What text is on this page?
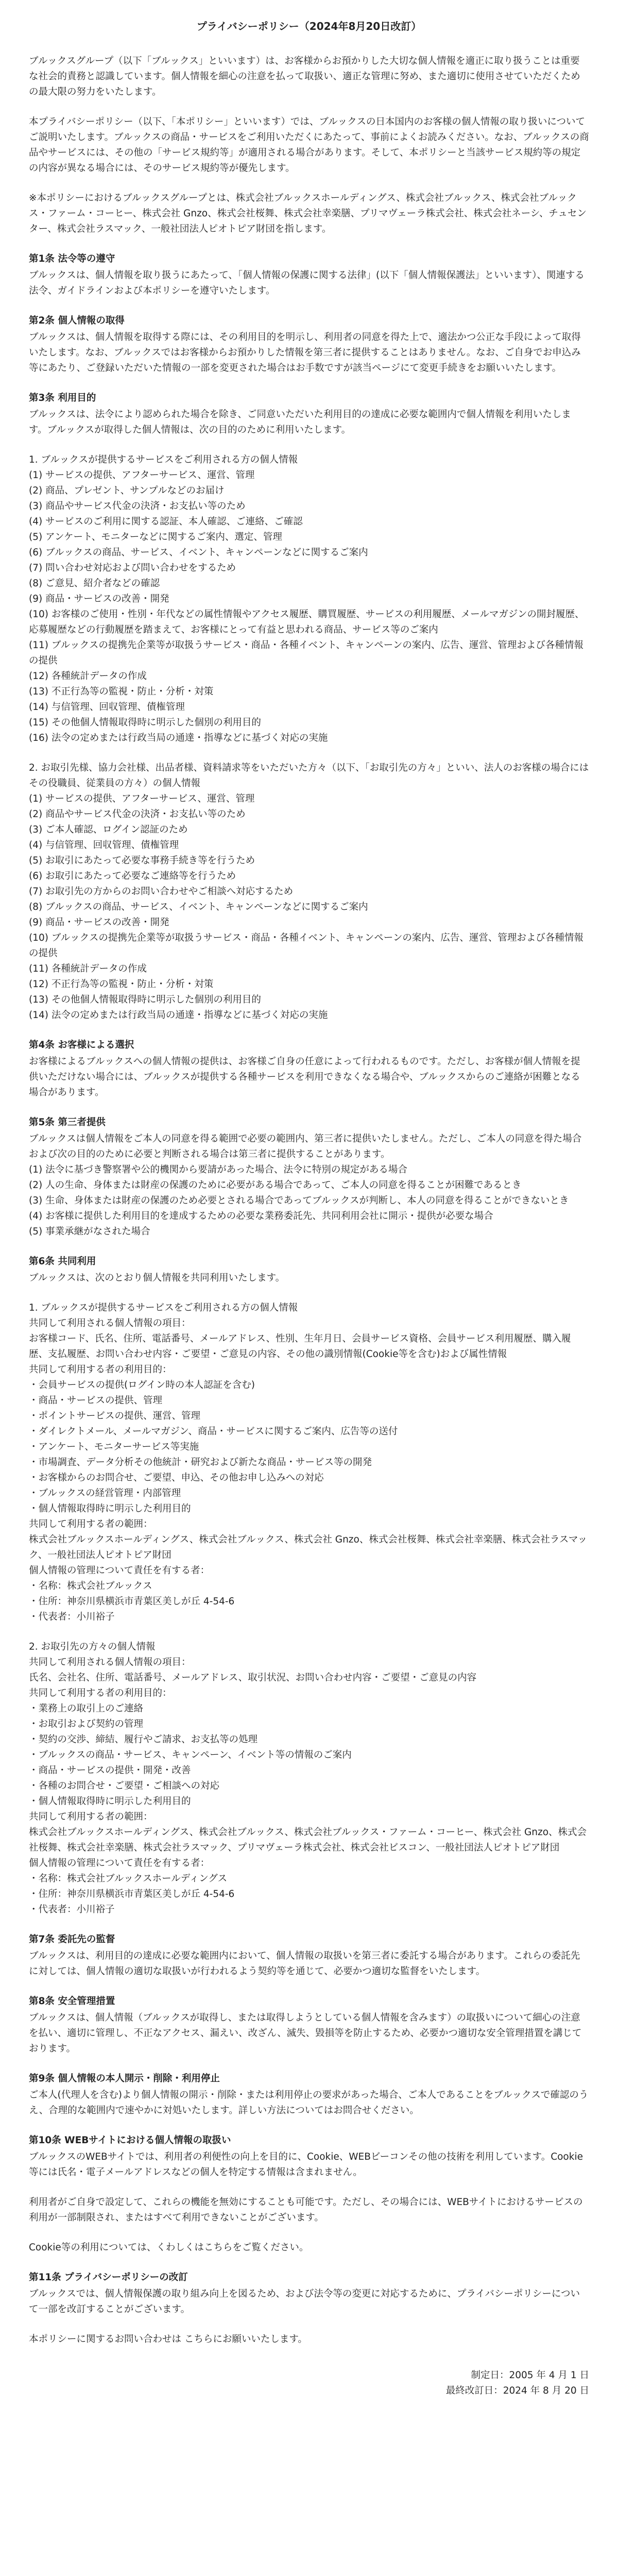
プライバシーポリシー（2024年8月20日改訂）

ブルックスグループ（以下「ブルックス」といいます）は、お客様からお預かりした大切な個人情報を適正に取り扱うことは重要な社会的責務と認識しています。個人情報を細心の注意を払って取扱い、適正な管理に努め、また適切に使用させていただくための最大限の努力をいたします。

本プライバシーポリシー（以下、「本ポリシー」といいます）では、ブルックスの日本国内のお客様の個人情報の取り扱いについてご説明いたします。ブルックスの商品・サービスをご利用いただくにあたって、事前によくお読みください。なお、ブルックスの商品やサービスには、その他の「サービス規約等」が適用される場合があります。そして、本ポリシーと当該サービス規約等の規定の内容が異なる場合には、そのサービス規約等が優先します。

※本ポリシーにおけるブルックスグループとは、株式会社ブルックスホールディングス、株式会社ブルックス、株式会社ブルックス・ファーム・コーヒー、株式会社 Gnzo、株式会社桜舞、株式会社幸楽膳、プリマヴェーラ株式会社、株式会社ネーシ、チュセンター、株式会社ラスマック、一般社団法人ピオトピア財団を指します。

第1条 法令等の遵守

ブルックスは、個人情報を取り扱うにあたって、「個人情報の保護に関する法律」(以下「個人情報保護法」といいます）、関連する法令、ガイドラインおよび本ポリシーを遵守いたします。

第2条 個人情報の取得

ブルックスは、個人情報を取得する際には、その利用目的を明示し、利用者の同意を得た上で、適法かつ公正な手段によって取得いたします。なお、ブルックスではお客様からお預かりした情報を第三者に提供することはありません。なお、ご自身でお申込み等にあたり、ご登録いただいた情報の一部を変更された場合はお手数ですが該当ページにて変更手続きをお願いいたします。

第3条 利用目的

ブルックスは、法令により認められた場合を除き、ご同意いただいた利用目的の達成に必要な範囲内で個人情報を利用いたします。ブルックスが取得した個人情報は、次の目的のために利用いたします。

1. ブルックスが提供するサービスをご利用される方の個人情報
(1) サービスの提供、アフターサービス、運営、管理
(2) 商品、プレゼント、サンプルなどのお届け
(3) 商品やサービス代金の決済・お支払い等のため
(4) サービスのご利用に関する認証、本人確認、ご連絡、ご確認
(5) アンケート、モニターなどに関するご案内、選定、管理
(6) ブルックスの商品、サービス、イベント、キャンペーンなどに関するご案内
(7) 問い合わせ対応および問い合わせをするため
(8) ご意見、紹介者などの確認
(9) 商品・サービスの改善・開発
(10) お客様のご使用・性別・年代などの属性情報やアクセス履歴、購買履歴、サービスの利用履歴、メールマガジンの開封履歴、応募履歴などの行動履歴を踏まえて、お客様にとって有益と思われる商品、サービス等のご案内
(11) ブルックスの提携先企業等が取扱うサービス・商品・各種イベント、キャンペーンの案内、広告、運営、管理および各種情報の提供
(12) 各種統計データの作成
(13) 不正行為等の監視・防止・分析・対策
(14) 与信管理、回収管理、債権管理
(15) その他個人情報取得時に明示した個別の利用目的
(16) 法令の定めまたは行政当局の通達・指導などに基づく対応の実施
2. お取引先様、協力会社様、出品者様、資料請求等をいただいた方々（以下、「お取引先の方々」といい、法人のお客様の場合にはその役職員、従業員の方々）の個人情報
(1) サービスの提供、アフターサービス、運営、管理
(2) 商品やサービス代金の決済・お支払い等のため
(3) ご本人確認、ログイン認証のため
(4) 与信管理、回収管理、債権管理
(5) お取引にあたって必要な事務手続き等を行うため
(6) お取引にあたって必要なご連絡等を行うため
(7) お取引先の方からのお問い合わせやご相談へ対応するため
(8) ブルックスの商品、サービス、イベント、キャンペーンなどに関するご案内
(9) 商品・サービスの改善・開発
(10) ブルックスの提携先企業等が取扱うサービス・商品・各種イベント、キャンペーンの案内、広告、運営、管理および各種情報の提供
(11) 各種統計データの作成
(12) 不正行為等の監視・防止・分析・対策
(13) その他個人情報取得時に明示した個別の利用目的
(14) 法令の定めまたは行政当局の通達・指導などに基づく対応の実施
第4条 お客様による選択

お客様によるブルックスへの個人情報の提供は、お客様ご自身の任意によって行われるものです。ただし、お客様が個人情報を提供いただけない場合には、ブルックスが提供する各種サービスを利用できなくなる場合や、ブルックスからのご連絡が困難となる場合があります。

第5条 第三者提供

ブルックスは個人情報をご本人の同意を得る範囲で必要の範囲内、第三者に提供いたしません。ただし、ご本人の同意を得た場合および次の目的のために必要と判断される場合は第三者に提供することがあります。

(1) 法令に基づき警察署や公的機関から要請があった場合、法令に特別の規定がある場合
(2) 人の生命、身体または財産の保護のために必要がある場合であって、ご本人の同意を得ることが困難であるとき
(3) 生命、身体または財産の保護のため必要とされる場合であってブルックスが判断し、本人の同意を得ることができないとき
(4) お客様に提供した利用目的を達成するための必要な業務委託先、共同利用会社に開示・提供が必要な場合
(5) 事業承継がなされた場合
第6条 共同利用

ブルックスは、次のとおり個人情報を共同利用いたします。

1. ブルックスが提供するサービスをご利用される方の個人情報
共同して利用される個人情報の項目：
お客様コード、氏名、住所、電話番号、メールアドレス、性別、生年月日、会員サービス資格、会員サービス利用履歴、購入履歴、支払履歴、お問い合わせ内容・ご要望・ご意見の内容、その他の識別情報(Cookie等を含む)および属性情報
共同して利用する者の利用目的：
・会員サービスの提供(ログイン時の本人認証を含む)
・商品・サービスの提供、管理
・ポイントサービスの提供、運営、管理
・ダイレクトメール、メールマガジン、商品・サービスに関するご案内、広告等の送付
・アンケート、モニターサービス等実施
・市場調査、データ分析その他統計・研究および新たな商品・サービス等の開発
・お客様からのお問合せ、ご要望、申込、その他お申し込みへの対応
・ブルックスの経営管理・内部管理
・個人情報取得時に明示した利用目的
共同して利用する者の範囲：
株式会社ブルックスホールディングス、株式会社ブルックス、株式会社 Gnzo、株式会社桜舞、株式会社幸楽膳、株式会社ラスマック、一般社団法人ピオトピア財団
個人情報の管理について責任を有する者：
・名称：株式会社ブルックス
・住所：神奈川県横浜市青葉区美しが丘 4-54-6
・代表者：小川裕子
2. お取引先の方々の個人情報
共同して利用される個人情報の項目：
氏名、会社名、住所、電話番号、メールアドレス、取引状況、お問い合わせ内容・ご要望・ご意見の内容
共同して利用する者の利用目的：
・業務上の取引上のご連絡
・お取引および契約の管理
・契約の交渉、締結、履行やご請求、お支払等の処理
・ブルックスの商品・サービス、キャンペーン、イベント等の情報のご案内
・商品・サービスの提供・開発・改善
・各種のお問合せ・ご要望・ご相談への対応
・個人情報取得時に明示した利用目的
共同して利用する者の範囲：
株式会社ブルックスホールディングス、株式会社ブルックス、株式会社ブルックス・ファーム・コーヒー、株式会社 Gnzo、株式会社桜舞、株式会社幸楽膳、株式会社ラスマック、プリマヴェーラ株式会社、株式会社ビスコン、一般社団法人ピオトピア財団
個人情報の管理について責任を有する者：
・名称：株式会社ブルックスホールディングス
・住所：神奈川県横浜市青葉区美しが丘 4-54-6
・代表者：小川裕子
第7条 委託先の監督

ブルックスは、利用目的の達成に必要な範囲内において、個人情報の取扱いを第三者に委託する場合があります。これらの委託先に対しては、個人情報の適切な取扱いが行われるよう契約等を通じて、必要かつ適切な監督をいたします。

第8条 安全管理措置

ブルックスは、個人情報（ブルックスが取得し、または取得しようとしている個人情報を含みます）の取扱いについて細心の注意を払い、適切に管理し、不正なアクセス、漏えい、改ざん、滅失、毀損等を防止するため、必要かつ適切な安全管理措置を講じております。

第9条 個人情報の本人開示・削除・利用停止

ご本人(代理人を含む)より個人情報の開示・削除・または利用停止の要求があった場合、ご本人であることをブルックスで確認のうえ、合理的な範囲内で速やかに対処いたします。詳しい方法についてはお問合せください。

第10条 WEBサイトにおける個人情報の取扱い

ブルックスのWEBサイトでは、利用者の利便性の向上を目的に、Cookie、WEBビーコンその他の技術を利用しています。Cookie等には氏名・電子メールアドレスなどの個人を特定する情報は含まれません。

利用者がご自身で設定して、これらの機能を無効にすることも可能です。ただし、その場合には、WEBサイトにおけるサービスの利用が一部制限され、またはすべて利用できないことがございます。

Cookie等の利用については、くわしくはこちらをご覧ください。

第11条 プライバシーポリシーの改訂

ブルックスでは、個人情報保護の取り組み向上を図るため、および法令等の変更に対応するために、プライバシーポリシーについて一部を改訂することがございます。

本ポリシーに関するお問い合わせは こちらにお願いいたします。

制定日：2005 年 4 月 1 日
最終改訂日：2024 年 8 月 20 日
